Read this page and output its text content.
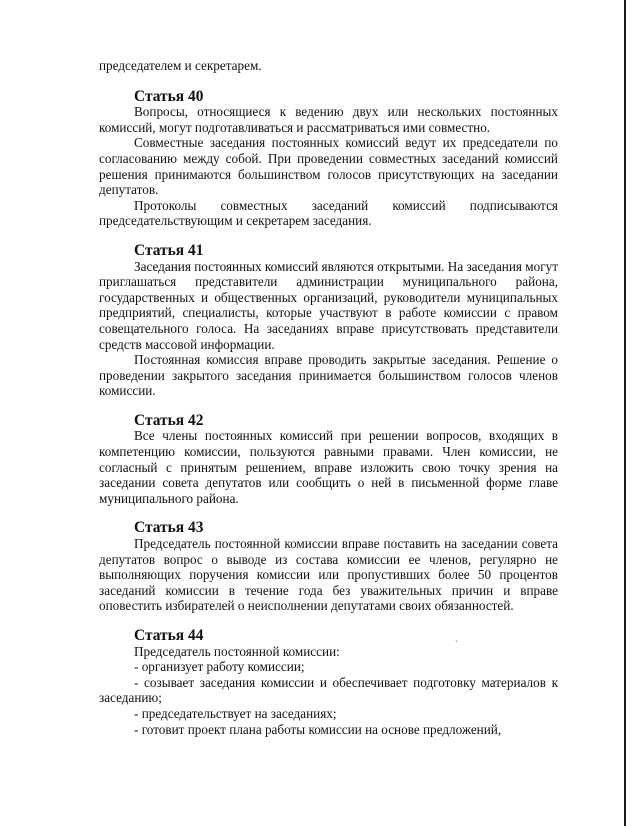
председателем и секретарем.

Статья 40

Вопросы, относящиеся к ведению двух или нескольких постоянных комиссий, могут подготавливаться и рассматриваться ими совместно.

Совместные заседания постоянных комиссий ведут их председатели по согласованию между собой. При проведении совместных заседаний комиссий решения принимаются большинством голосов присутствующих на заседании депутатов.

Протоколы совместных заседаний комиссий подписываются председательствующим и секретарем заседания.

Статья 41

Заседания постоянных комиссий являются открытыми. На заседания могут приглашаться представители администрации муниципального района, государственных и общественных организаций, руководители муниципальных предприятий, специалисты, которые участвуют в работе комиссии с правом совещательного голоса. На заседаниях вправе присутствовать представители средств массовой информации.

Постоянная комиссия вправе проводить закрытые заседания. Решение о проведении закрытого заседания принимается большинством голосов членов комиссии.

Статья 42

Все члены постоянных комиссий при решении вопросов, входящих в компетенцию комиссии, пользуются равными правами. Член комиссии, не согласный с принятым решением, вправе изложить свою точку зрения на заседании совета депутатов или сообщить о ней в письменной форме главе муниципального района.

Статья 43

Председатель постоянной комиссии вправе поставить на заседании совета депутатов вопрос о выводе из состава комиссии ее членов, регулярно не выполняющих поручения комиссии или пропустивших более 50 процентов заседаний комиссии в течение года без уважительных причин и вправе оповестить избирателей о неисполнении депутатами своих обязанностей.

Статья 44

Председатель постоянной комиссии:

- организует работу комиссии;

- созывает заседания комиссии и обеспечивает подготовку материалов к заседанию;

- председательствует на заседаниях;

- готовит проект плана работы комиссии на основе предложений,

`
